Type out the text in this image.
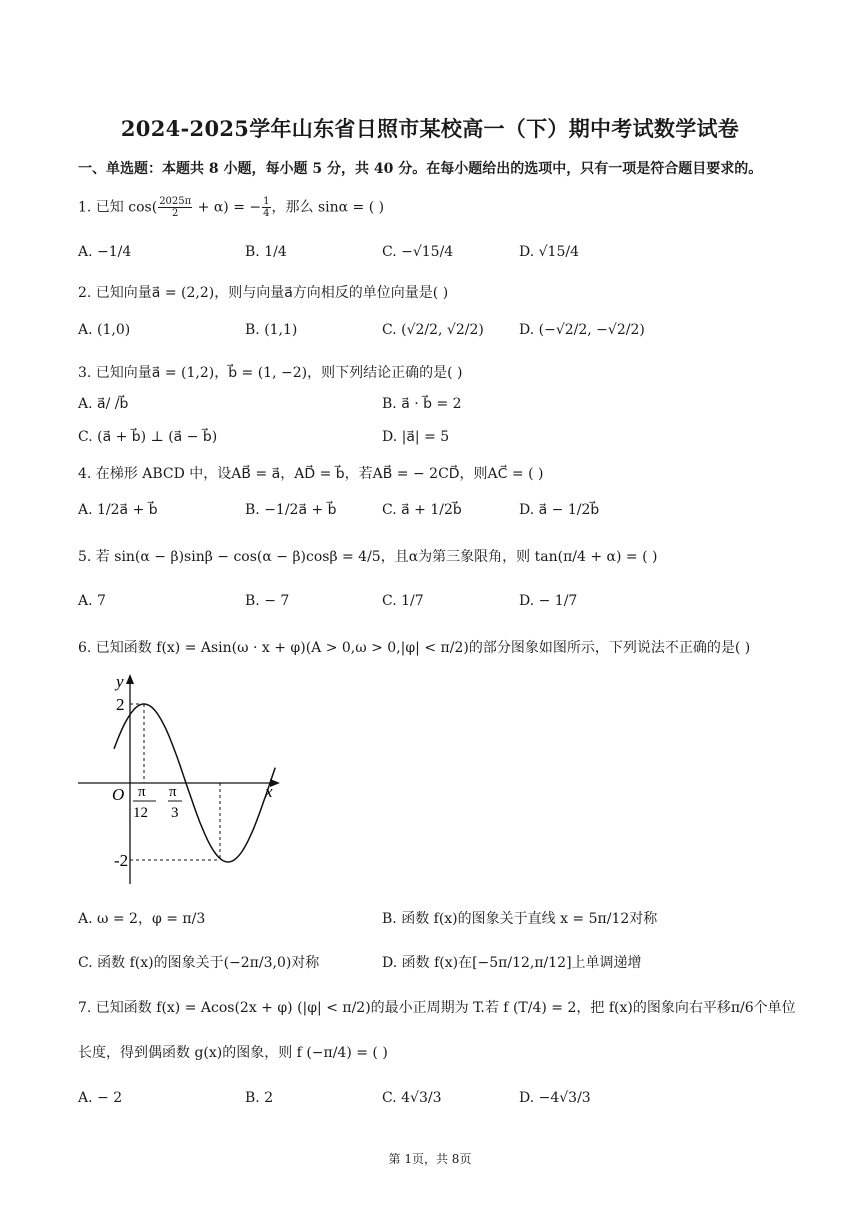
2024-2025学年山东省日照市某校高一（下）期中考试数学试卷
一、单选题：本题共 8 小题，每小题 5 分，共 40 分。在每小题给出的选项中，只有一项是符合题目要求的。
1. 已知 $\cos( \frac{2025\pi}{2} + \alpha)$ = − $\frac{1}{4}$ ，那么 sinα = ( )
A. −1/4	B. 1/4	C. −√15/4	D. √15/4
2. 已知向量a⃗ = (2,2)，则与向量a⃗方向相反的单位向量是( )
A. (1,0)	B. (1,1)	C. (√2/2, √2/2)	D. (−√2/2, −√2/2)
3. 已知向量a⃗ = (1,2)，b⃗ = (1, −2)，则下列结论正确的是( )
A. a⃗/ /b⃗	B. a⃗ · b⃗ = 2
C. (a⃗ + b⃗) ⊥ (a⃗ − b⃗)	D. |a⃗| = 5
4. 在梯形 ABCD 中，设AB⃗ = a⃗，AD⃗ = b⃗，若AB⃗ = − 2CD⃗，则AC⃗ = ( )
A. 1/2a⃗ + b⃗	B. −1/2a⃗ + b⃗	C. a⃗ + 1/2b⃗	D. a⃗ − 1/2b⃗
5. 若 sin(α − β)sinβ − cos(α − β)cosβ = 4/5，且α为第三象限角，则 tan(π/4 + α) = ( )
A. 7	B. − 7	C. 1/7	D. − 1/7
6. 已知函数 f(x) = Asin(ω · x + φ)(A > 0,ω > 0,|φ| < π/2)的部分图象如图所示，下列说法不正确的是( )
y
x
O
2
-2
π
12
π
3
A. ω = 2，φ = π/3	B. 函数 f(x)的图象关于直线 x = 5π/12对称
C. 函数 f(x)的图象关于(−2π/3,0)对称	D. 函数 f(x)在[−5π/12,π/12]上单调递增
7. 已知函数 f(x) = Acos(2x + φ) (|φ| < π/2)的最小正周期为 T.若 f (T/4) = 2，把 f(x)的图象向右平移π/6个单位
长度，得到偶函数 g(x)的图象，则 f (−π/4) = ( )
A. − 2	B. 2	C. 4√3/3	D. −4√3/3
第 1页，共 8页
